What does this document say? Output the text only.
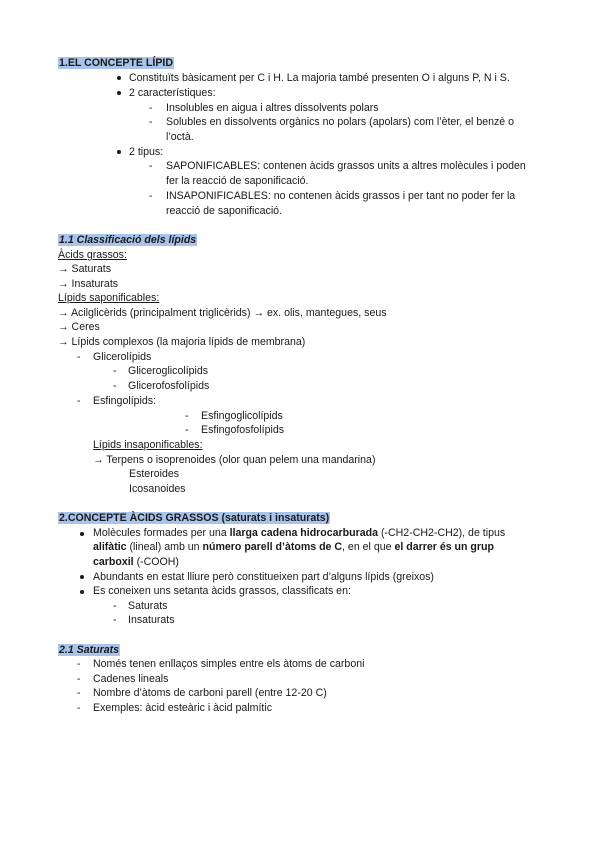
1.EL CONCEPTE LÍPID
Constituïts bàsicament per C i H. La majoria també presenten O i alguns P, N i S.
2 característiques:
- Insolubles en aigua i altres dissolvents polars
- Solubles en dissolvents orgànics no polars (apolars) com l’èter, el benzè o
l’octà.
2 tipus:
- SAPONIFICABLES: contenen àcids grassos units a altres molècules i poden
fer la reacció de saponificació.
- INSAPONIFICABLES: no contenen àcids grassos i per tant no poder fer la
reacció de saponificació.
1.1 Classificació dels lípids
Àcids grassos:
→ Saturats
→ Insaturats
Lípids saponificables:
→ Acilglicèrids (principalment triglicèrids) → ex. olis, mantegues, seus
→ Ceres
→ Lípids complexos (la majoria lípids de membrana)
- Glicerolípids
- Gliceroglicolípids
- Glicerofosfolípids
- Esfingolípids:
- Esfingoglicolípids
- Esfingofosfolípids
Lípids insaponificables:
→ Terpens o isoprenoides (olor quan pelem una mandarina)
Esteroides
Icosanoides
2.CONCEPTE ÀCIDS GRASSOS (saturats i insaturats)
Molècules formades per una llarga cadena hidrocarburada (-CH2-CH2-CH2), de tipus
alifàtic (lineal) amb un número parell d’àtoms de C, en el que el darrer és un grup
carboxil (-COOH)
Abundants en estat lliure però constitueixen part d’alguns lípids (greixos)
Es coneixen uns setanta àcids grassos, classificats en:
- Saturats
- Insaturats
2.1 Saturats
- Només tenen enllaços simples entre els àtoms de carboni
- Cadenes lineals
- Nombre d’àtoms de carboni parell (entre 12-20 C)
- Exemples: àcid esteàric i àcid palmític
